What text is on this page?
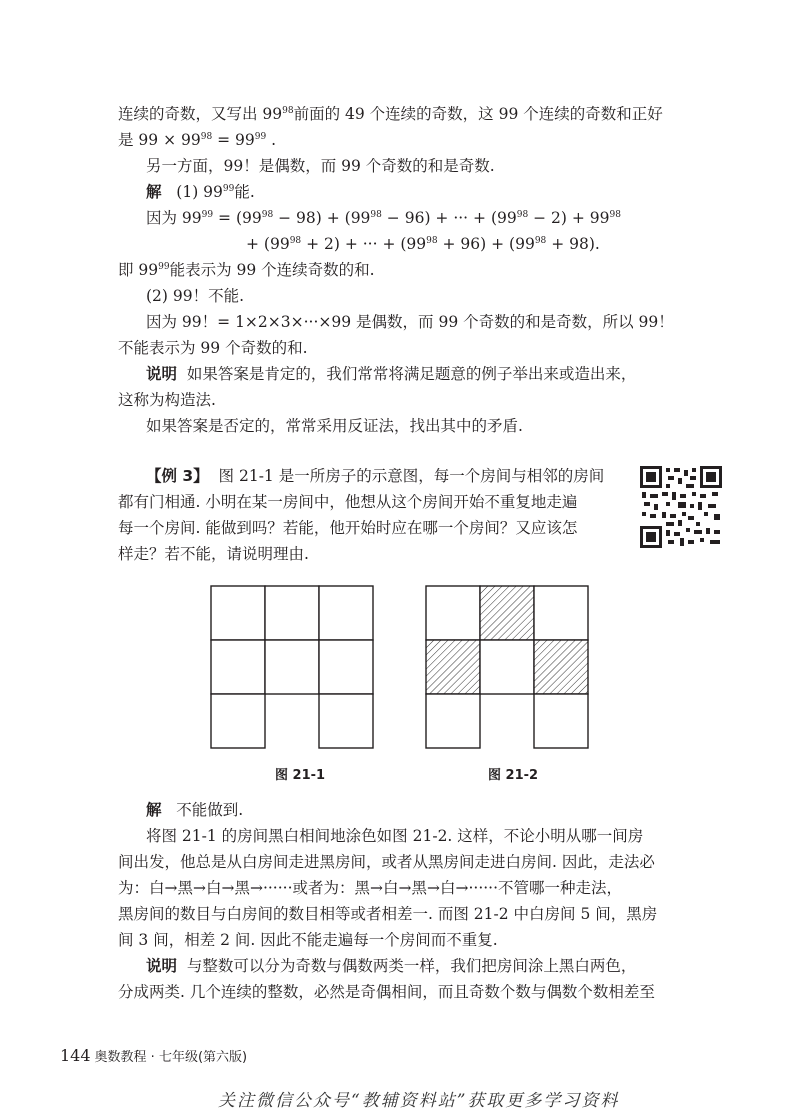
连续的奇数，又写出 $99^{98}$前面的 49 个连续的奇数，这 99 个连续的奇数和正好

是 $99 \times 99^{98} = 99^{99}$ .

另一方面，99！是偶数，而 99 个奇数的和是奇数.

解 (1) $99^{99}$能.

因为 $99^{99} = (99^{98} - 98) + (99^{98} - 96)$ + ··· + $(99^{98} - 2) + 99^{98}$

+ $(99^{98} + 2)$ + ··· + $(99^{98} + 96) + (99^{98} + 98)$.

即 $99^{99}$能表示为 99 个连续奇数的和.

(2) 99！不能.

因为 99！= 1×2×3×···×99 是偶数，而 99 个奇数的和是奇数，所以 99！

不能表示为 99 个奇数的和.

说明 如果答案是肯定的，我们常常将满足题意的例子举出来或造出来，

这称为构造法.

如果答案是否定的，常常采用反证法，找出其中的矛盾.

【例 3】 图 21-1 是一所房子的示意图，每一个房间与相邻的房间

都有门相通. 小明在某一房间中，他想从这个房间开始不重复地走遍

每一个房间. 能做到吗？若能，他开始时应在哪一个房间？又应该怎

样走？若不能，请说明理由.

图 21-1	图 21-2

解 不能做到.

将图 21-1 的房间黑白相间地涂色如图 21-2. 这样，不论小明从哪一间房

间出发，他总是从白房间走进黑房间，或者从黑房间走进白房间. 因此，走法必

为：白→黑→白→黑→······或者为：黑→白→黑→白→······不管哪一种走法，

黑房间的数目与白房间的数目相等或者相差一. 而图 21-2 中白房间 5 间，黑房

间 3 间，相差 2 间. 因此不能走遍每一个房间而不重复.

说明 与整数可以分为奇数与偶数两类一样，我们把房间涂上黑白两色，

分成两类. 几个连续的整数，必然是奇偶相间，而且奇数个数与偶数个数相差至

144 奥数教程 · 七年级(第六版)
关注微信公众号“教辅资料站”获取更多学习资料
